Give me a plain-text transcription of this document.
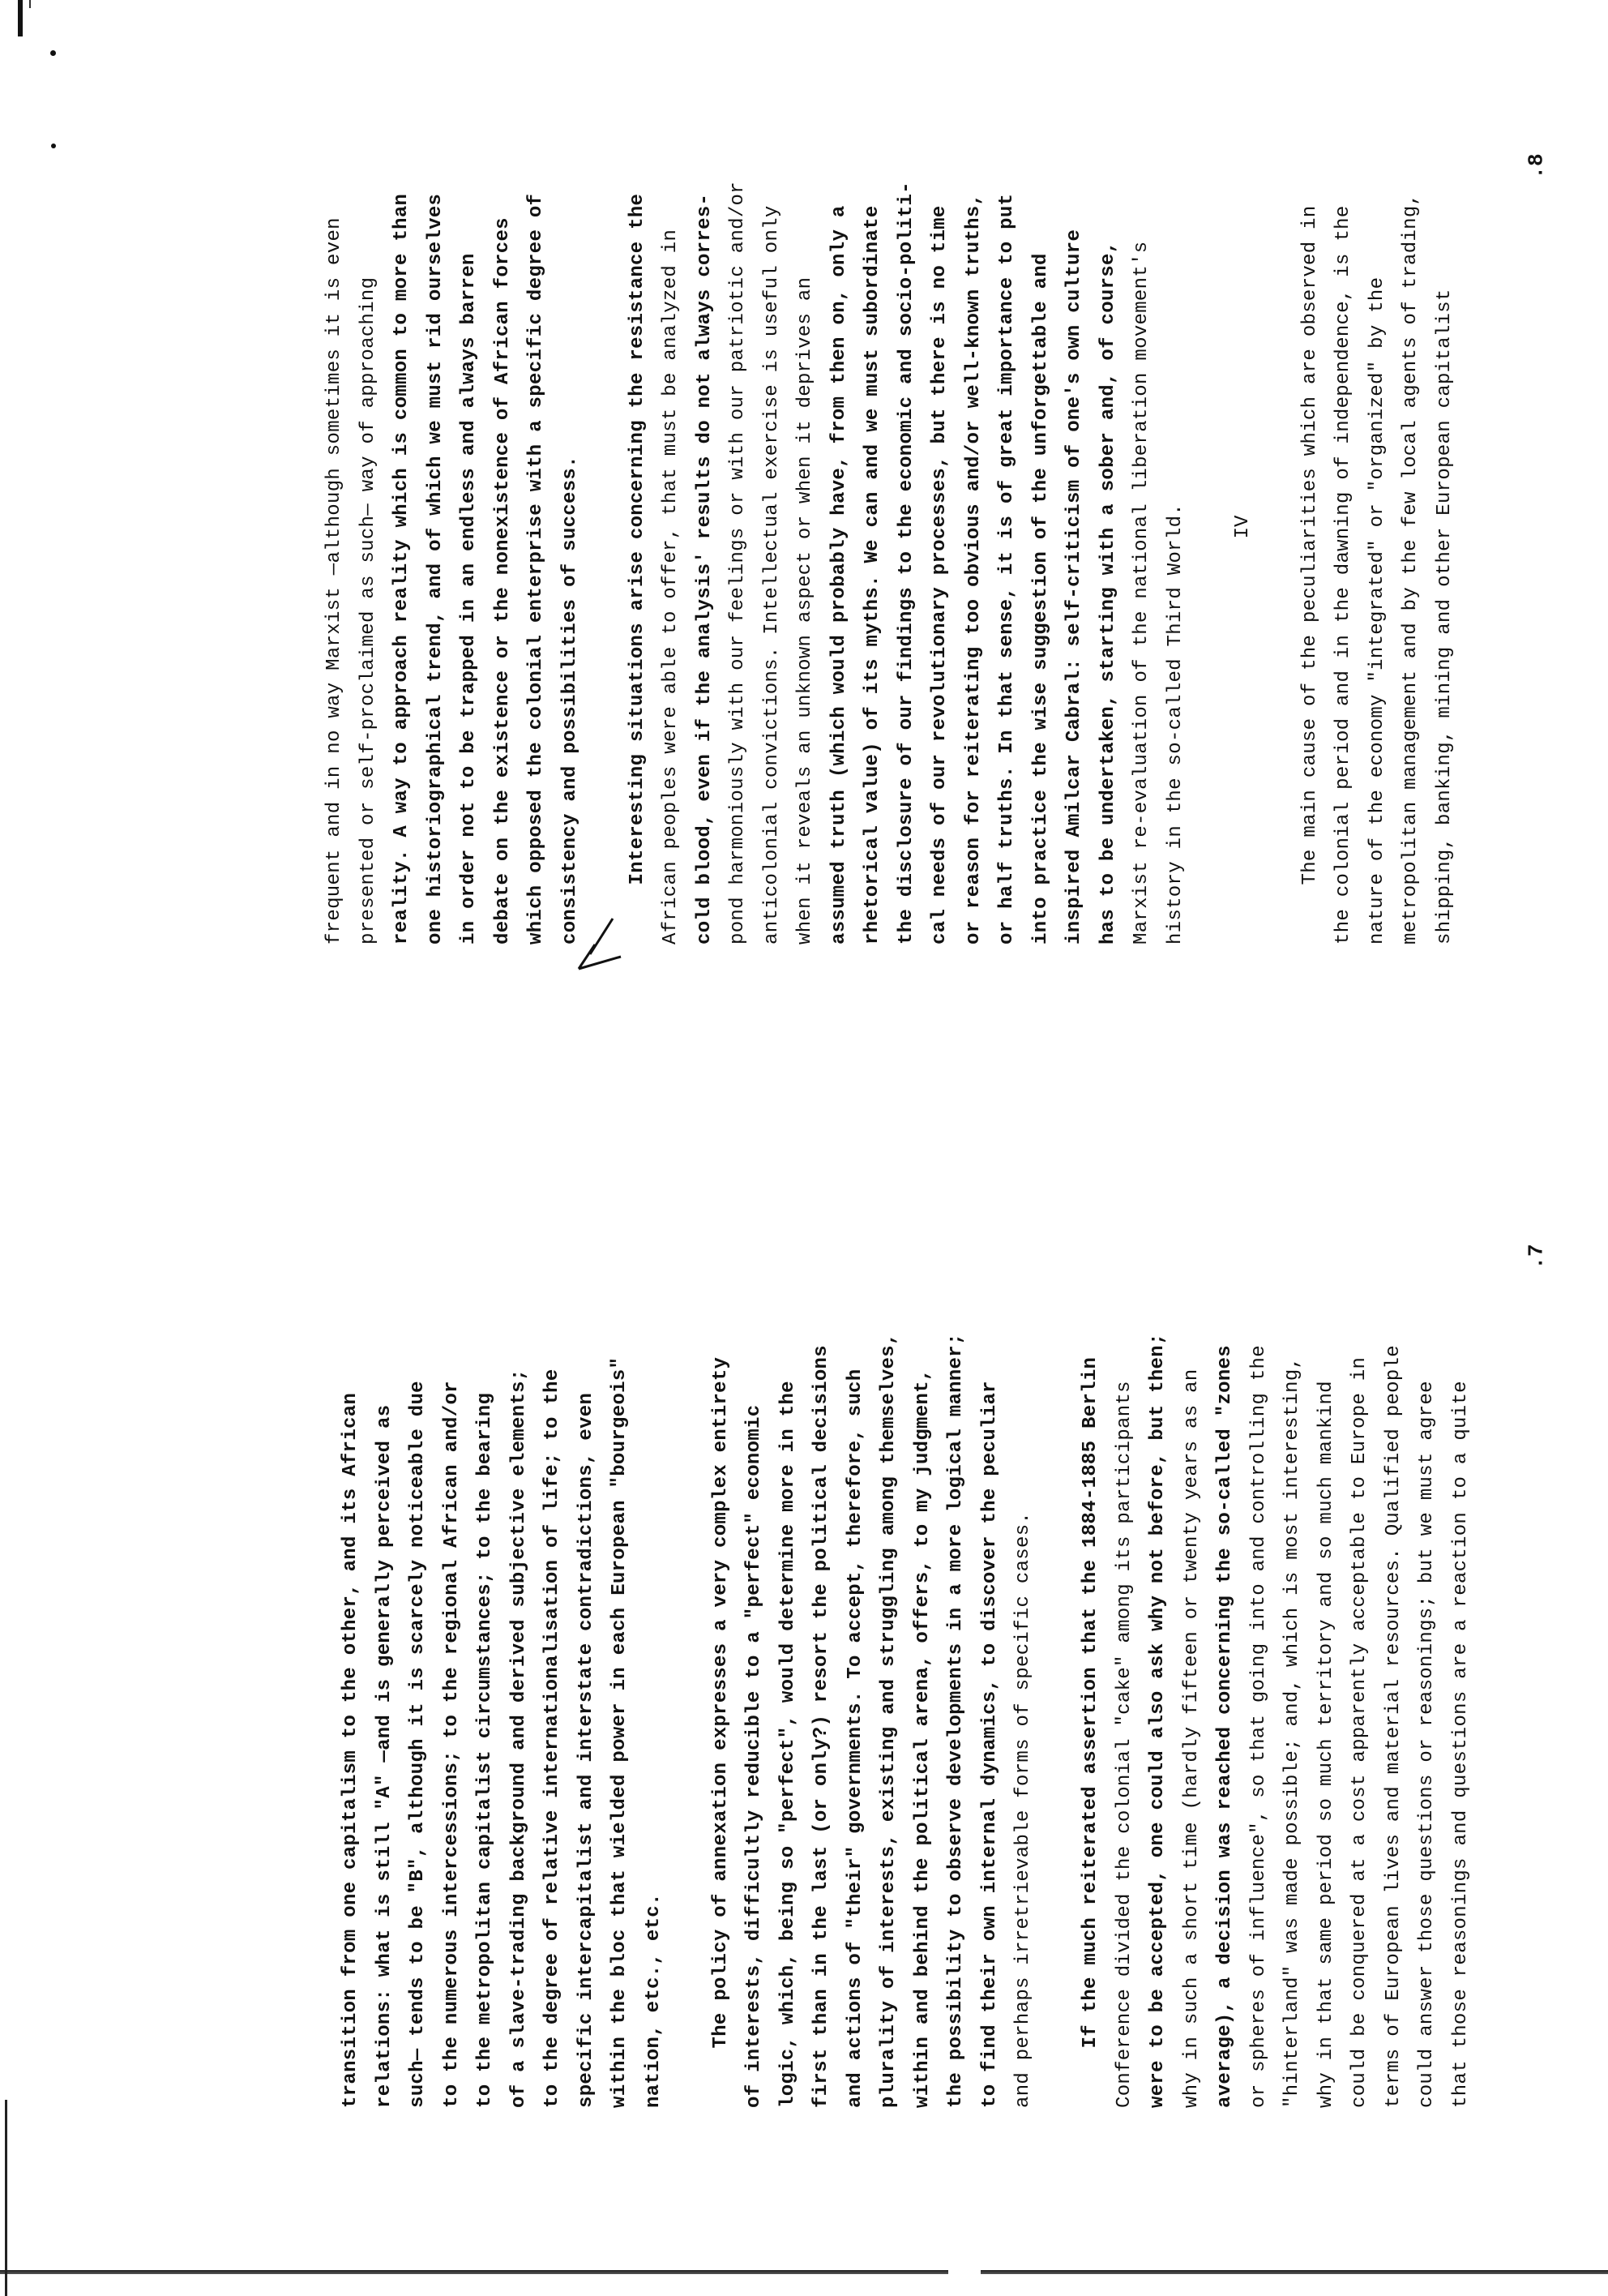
frequent and in no way Marxist —although sometimes it is even presented or self-proclaimed as such— way of approaching reality. A way to approach reality which is common to more than one historiographical trend, and of which we must rid ourselves in order not to be trapped in an endless and always barren debate on the existence or the nonexistence of African forces which opposed the colonial enterprise with a specific degree of consistency and possibilities of success.	Interesting situations arise concerning the resistance the African peoples were able to offer, that must be analyzed in cold blood, even if the analysis' results do not always corres- pond harmoniously with our feelings or with our patriotic and/or anticolonial convictions. Intellectual exercise is useful only when it reveals an unknown aspect or when it deprives an assumed truth (which would probably have, from then on, only a rhetorical value) of its myths. We can and we must subordinate the disclosure of our findings to the economic and socio-politi- cal needs of our revolutionary processes, but there is no time or reason for reiterating too obvious and/or well-known truths, or half truths. In that sense, it is of great importance to put into practice the wise suggestion of the unforgettable and inspired Amilcar Cabral: self-criticism of one's own culture has to be undertaken, starting with a sober and, of course, Marxist re-evaluation of the national liberation movement's history in the so-called Third World.	IV	The main cause of the peculiarities which are observed in the colonial period and in the dawning of independence, is the nature of the economy "integrated" or "organized" by the metropolitan management and by the few local agents of trading, shipping, banking, mining and other European capitalist
.8
transition from one capitalism to the other, and its African relations: what is still "A" —and is generally perceived as such— tends to be "B", although it is scarcely noticeable due to the numerous intercessions; to the regional African and/or to the metropolitan capitalist circumstances; to the bearing of a slave-trading background and derived subjective elements; to the degree of relative internationalisation of life; to the specific intercapitalist and interstate contradictions, even within the bloc that wielded power in each European "bourgeois" nation, etc., etc.	The policy of annexation expresses a very complex entirety of interests, difficultly reducible to a "perfect" economic logic, which, being so "perfect", would determine more in the first than in the last (or only?) resort the political decisions and actions of "their" governments. To accept, therefore, such plurality of interests, existing and struggling among themselves, within and behind the political arena, offers, to my judgment, the possibility to observe developments in a more logical manner; to find their own internal dynamics, to discover the peculiar and perhaps irretrievable forms of specific cases.	If the much reiterated assertion that the 1884-1885 Berlin Conference divided the colonial "cake" among its participants were to be accepted, one could also ask why not before, but then; why in such a short time (hardly fifteen or twenty years as an average), a decision was reached concerning the so-called "zones or spheres of influence", so that going into and controlling the "hinterland" was made possible; and, which is most interesting, why in that same period so much territory and so much mankind could be conquered at a cost apparently acceptable to Europe in terms of European lives and material resources. Qualified people could answer those questions or reasonings; but we must agree that those reasonings and questions are a reaction to a quite
.7
